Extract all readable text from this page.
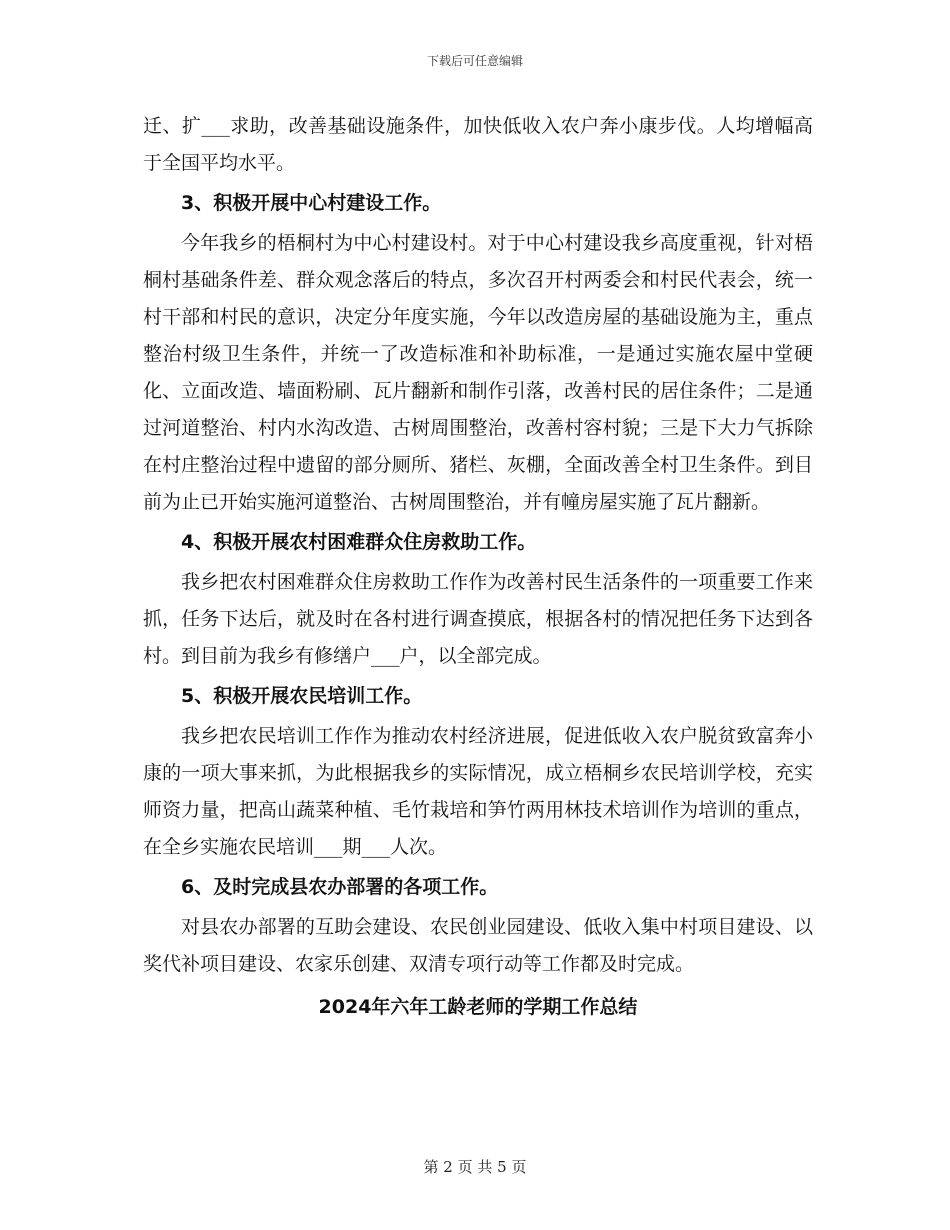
下载后可任意编辑

迁、扩___求助，改善基础设施条件，加快低收入农户奔小康步伐。人均增幅高于全国平均水平。

3、积极开展中心村建设工作。

今年我乡的梧桐村为中心村建设村。对于中心村建设我乡高度重视，针对梧桐村基础条件差、群众观念落后的特点，多次召开村两委会和村民代表会，统一村干部和村民的意识，决定分年度实施，今年以改造房屋的基础设施为主，重点整治村级卫生条件，并统一了改造标准和补助标准，一是通过实施农屋中堂硬化、立面改造、墙面粉刷、瓦片翻新和制作引落，改善村民的居住条件；二是通过河道整治、村内水沟改造、古树周围整治，改善村容村貌；三是下大力气拆除在村庄整治过程中遗留的部分厕所、猪栏、灰棚，全面改善全村卫生条件。到目前为止已开始实施河道整治、古树周围整治，并有幢房屋实施了瓦片翻新。

4、积极开展农村困难群众住房救助工作。

我乡把农村困难群众住房救助工作作为改善村民生活条件的一项重要工作来抓，任务下达后，就及时在各村进行调查摸底，根据各村的情况把任务下达到各村。到目前为我乡有修缮户___户，以全部完成。

5、积极开展农民培训工作。

我乡把农民培训工作作为推动农村经济进展，促进低收入农户脱贫致富奔小康的一项大事来抓，为此根据我乡的实际情况，成立梧桐乡农民培训学校，充实师资力量，把高山蔬菜种植、毛竹栽培和笋竹两用林技术培训作为培训的重点，在全乡实施农民培训___期___人次。

6、及时完成县农办部署的各项工作。

对县农办部署的互助会建设、农民创业园建设、低收入集中村项目建设、以奖代补项目建设、农家乐创建、双清专项行动等工作都及时完成。

2024年六年工龄老师的学期工作总结

第 2 页 共 5 页
